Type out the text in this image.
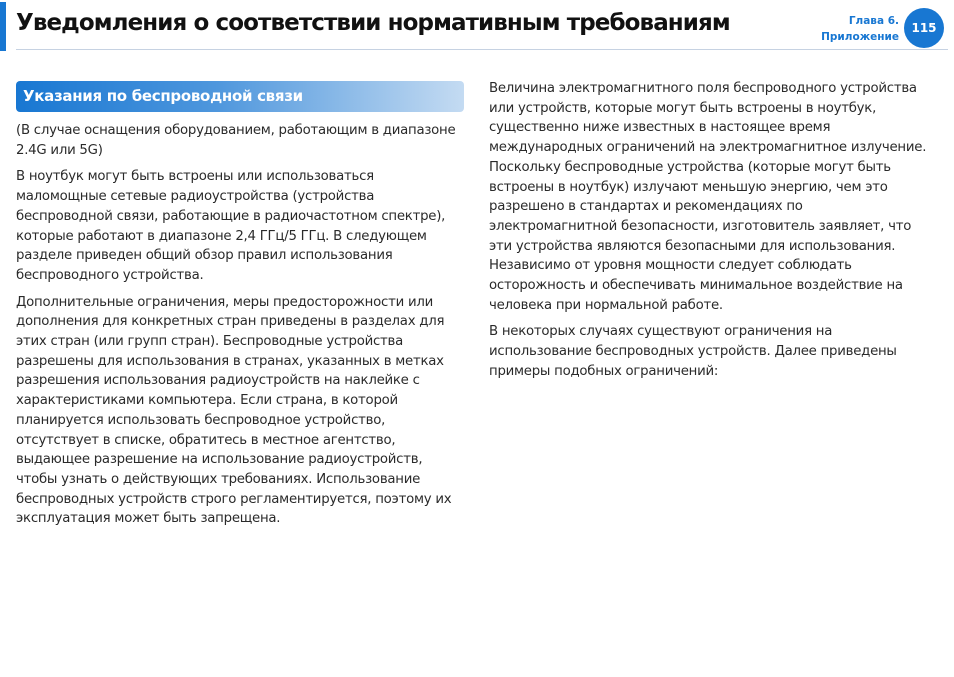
Уведомления о соответствии нормативным требованиям	Глава 6.
Приложение
115
Указания по беспроводной связи

(В случае оснащения оборудованием, работающим в диапазоне 2.4G или 5G)

В ноутбук могут быть встроены или использоваться маломощные сетевые радиоустройства (устройства беспроводной связи, работающие в радиочастотном спектре), которые работают в диапазоне 2,4 ГГц/5 ГГц. В следующем разделе приведен общий обзор правил использования беспроводного устройства.

Дополнительные ограничения, меры предосторожности или дополнения для конкретных стран приведены в разделах для этих стран (или групп стран). Беспроводные устройства разрешены для использования в странах, указанных в метках разрешения использования радиоустройств на наклейке с характеристиками компьютера. Если страна, в которой планируется использовать беспроводное устройство, отсутствует в списке, обратитесь в местное агентство, выдающее разрешение на использование радиоустройств, чтобы узнать о действующих требованиях. Использование беспроводных устройств строго регламентируется, поэтому их эксплуатация может быть запрещена.

Величина электромагнитного поля беспроводного устройства или устройств, которые могут быть встроены в ноутбук, существенно ниже известных в настоящее время международных ограничений на электромагнитное излучение. Поскольку беспроводные устройства (которые могут быть встроены в ноутбук) излучают меньшую энергию, чем это разрешено в стандартах и рекомендациях по электромагнитной безопасности, изготовитель заявляет, что эти устройства являются безопасными для использования. Независимо от уровня мощности следует соблюдать осторожность и обеспечивать минимальное воздействие на человека при нормальной работе.

В некоторых случаях существуют ограничения на использование беспроводных устройств. Далее приведены примеры подобных ограничений:
